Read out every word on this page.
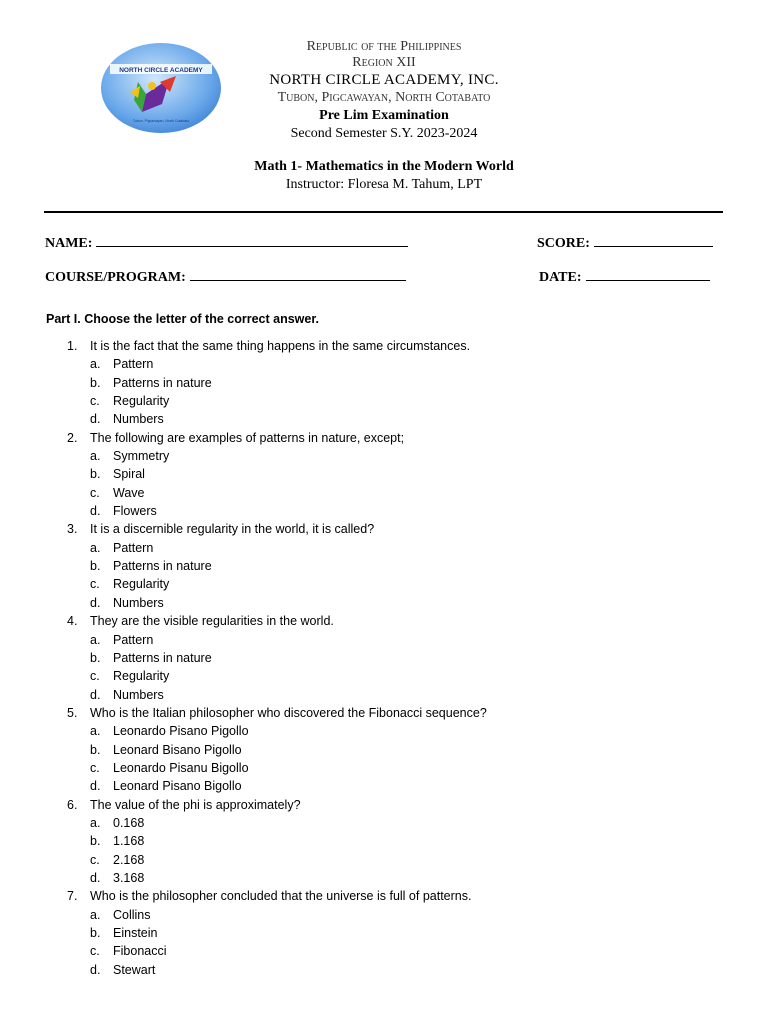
NORTH CIRCLE ACADEMY
Tubon, Pigcawayan, North Cotabato
Republic of the Philippines
Region XII
NORTH CIRCLE ACADEMY, INC.
Tubon, Pigcawayan, North Cotabato
Pre Lim Examination
Second Semester S.Y. 2023-2024
Math 1- Mathematics in the Modern World
Instructor: Floresa M. Tahum, LPT
NAME:	SCORE:
COURSE/PROGRAM:	DATE:
Part I. Choose the letter of the correct answer.
1. It is the fact that the same thing happens in the same circumstances.
a. Pattern
b. Patterns in nature
c. Regularity
d. Numbers
2. The following are examples of patterns in nature, except;
a. Symmetry
b. Spiral
c. Wave
d. Flowers
3. It is a discernible regularity in the world, it is called?
a. Pattern
b. Patterns in nature
c. Regularity
d. Numbers
4. They are the visible regularities in the world.
a. Pattern
b. Patterns in nature
c. Regularity
d. Numbers
5. Who is the Italian philosopher who discovered the Fibonacci sequence?
a. Leonardo Pisano Pigollo
b. Leonard Bisano Pigollo
c. Leonardo Pisanu Bigollo
d. Leonard Pisano Bigollo
6. The value of the phi is approximately?
a. 0.168
b. 1.168
c. 2.168
d. 3.168
7. Who is the philosopher concluded that the universe is full of patterns.
a. Collins
b. Einstein
c. Fibonacci
d. Stewart
